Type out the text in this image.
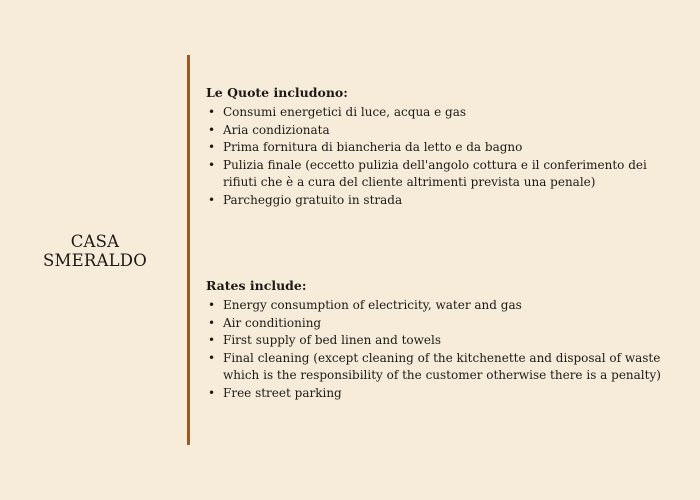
CASA
SMERALDO
Le Quote includono:
• Consumi energetici di luce, acqua e gas
• Aria condizionata
• Prima fornitura di biancheria da letto e da bagno
• Pulizia finale (eccetto pulizia dell'angolo cottura e il conferimento dei rifiuti che è a cura del cliente altrimenti prevista una penale)
• Parcheggio gratuito in strada
Rates include:
• Energy consumption of electricity, water and gas
• Air conditioning
• First supply of bed linen and towels
• Final cleaning (except cleaning of the kitchenette and disposal of waste which is the responsibility of the customer otherwise there is a penalty)
• Free street parking
